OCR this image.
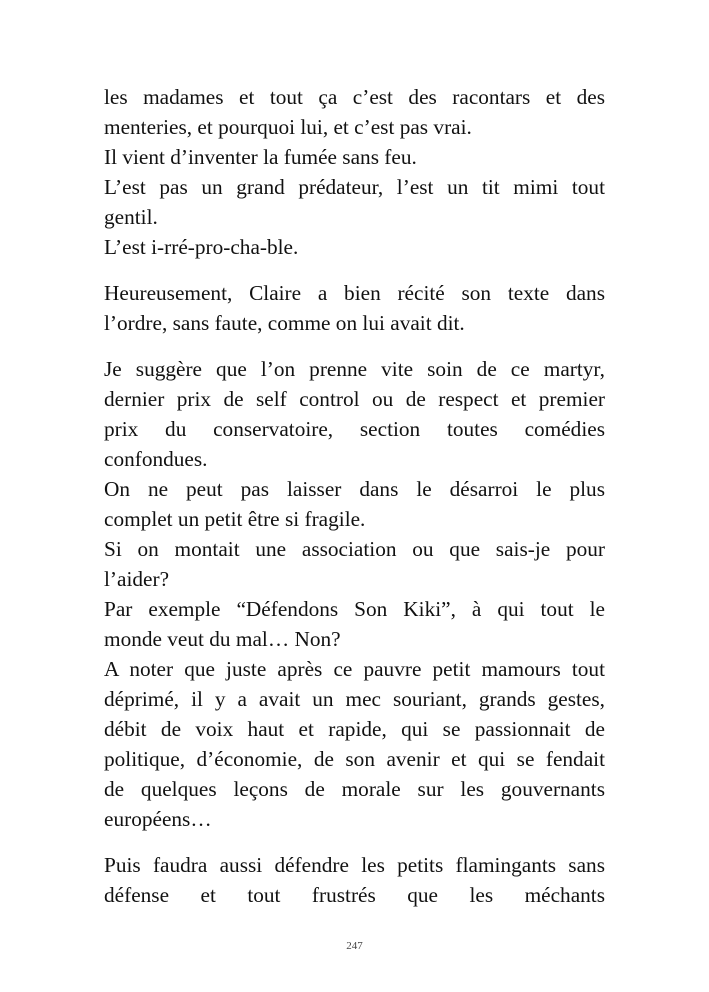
les madames et tout ça c’est des racontars et des
menteries, et pourquoi lui, et c’est pas vrai.
Il vient d’inventer la fumée sans feu.
L’est pas un grand prédateur, l’est un tit mimi tout
gentil.
L’est i-rré-pro-cha-ble.
Heureusement, Claire a bien récité son texte dans
l’ordre, sans faute, comme on lui avait dit.
Je suggère que l’on prenne vite soin de ce martyr,
dernier prix de self control ou de respect et premier
prix du conservatoire, section toutes comédies
confondues.
On ne peut pas laisser dans le désarroi le plus
complet un petit être si fragile.
Si on montait une association ou que sais-je pour
l’aider?
Par exemple “Défendons Son Kiki”, à qui tout le
monde veut du mal… Non?
A noter que juste après ce pauvre petit mamours tout
déprimé, il y a avait un mec souriant, grands gestes,
débit de voix haut et rapide, qui se passionnait de
politique, d’économie, de son avenir et qui se fendait
de quelques leçons de morale sur les gouvernants
européens…
Puis faudra aussi défendre les petits flamingants sans
défense et tout frustrés que les méchants
247
